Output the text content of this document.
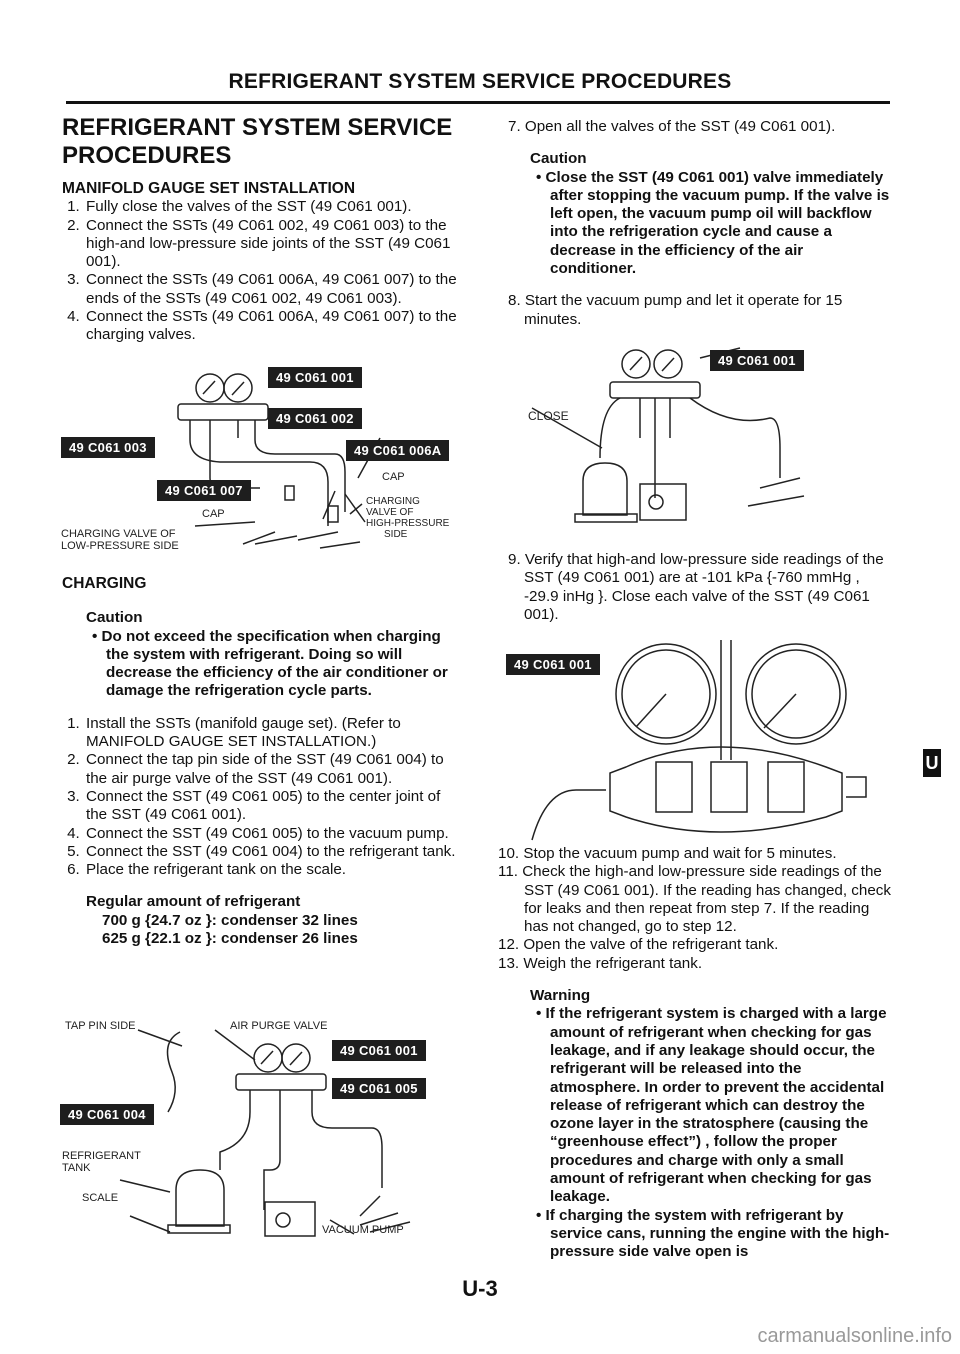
REFRIGERANT SYSTEM SERVICE PROCEDURES
REFRIGERANT SYSTEM SERVICE
PROCEDURES
MANIFOLD GAUGE SET INSTALLATION
1. Fully close the valves of the SST (49 C061 001).
2. Connect the SSTs (49 C061 002, 49 C061 003) to the high-and low-pressure side joints of the SST (49 C061 001).
3. Connect the SSTs (49 C061 006A, 49 C061 007) to the ends of the SSTs (49 C061 002, 49 C061 003).
4. Connect the SSTs (49 C061 006A, 49 C061 007) to the charging valves.
49 C061 001
49 C061 002
49 C061 003	49 C061 006A
49 C061 007
CAP
CAP
CHARGING
VALVE OF
HIGH-PRESSURE
SIDE
CHARGING VALVE OF
LOW-PRESSURE SIDE
CHARGING
Caution
• Do not exceed the specification when charging the system with refrigerant. Doing so will decrease the efficiency of the air conditioner or damage the refrigeration cycle parts.
1. Install the SSTs (manifold gauge set). (Refer to MANIFOLD GAUGE SET INSTALLATION.)
2. Connect the tap pin side of the SST (49 C061 004) to the air purge valve of the SST (49 C061 001).
3. Connect the SST (49 C061 005) to the center joint of the SST (49 C061 001).
4. Connect the SST (49 C061 005) to the vacuum pump.
5. Connect the SST (49 C061 004) to the refrigerant tank.
6. Place the refrigerant tank on the scale.
Regular amount of refrigerant
700 g {24.7 oz }: condenser 32 lines
625 g {22.1 oz }: condenser 26 lines
TAP PIN SIDE	AIR PURGE VALVE
49 C061 001
49 C061 005
49 C061 004
REFRIGERANT
TANK
SCALE
VACUUM PUMP
7. Open all the valves of the SST (49 C061 001).
Caution
• Close the SST (49 C061 001) valve immediately after stopping the vacuum pump. If the valve is left open, the vacuum pump oil will backflow into the refrigeration cycle and cause a decrease in the efficiency of the air conditioner.
8. Start the vacuum pump and let it operate for 15 minutes.
49 C061 001
CLOSE
9. Verify that high-and low-pressure side readings of the SST (49 C061 001) are at -101 kPa {-760 mmHg , -29.9 inHg }. Close each valve of the SST (49 C061 001).
49 C061 001
10. Stop the vacuum pump and wait for 5 minutes.
11. Check the high-and low-pressure side readings of the SST (49 C061 001). If the reading has changed, check for leaks and then repeat from step 7. If the reading has not changed, go to step 12.
12. Open the valve of the refrigerant tank.
13. Weigh the refrigerant tank.
Warning
• If the refrigerant system is charged with a large amount of refrigerant when checking for gas leakage, and if any leakage should occur, the refrigerant will be released into the atmosphere. In order to prevent the accidental release of refrigerant which can destroy the ozone layer in the stratosphere (causing the “greenhouse effect”) , follow the proper procedures and charge with only a small amount of refrigerant when checking for gas leakage.
• If charging the system with refrigerant by service cans, running the engine with the high-pressure side valve open is
U-3
U
carmanualsonline.info
